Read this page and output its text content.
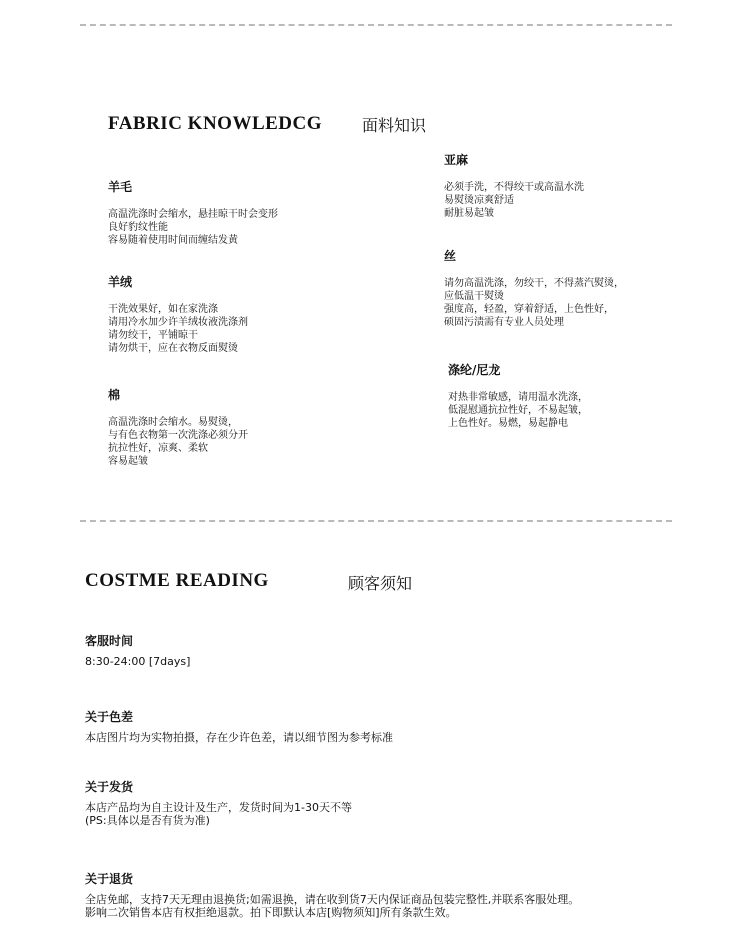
FABRIC KNOWLEDCG 面料知识
羊毛
高温洗涤时会缩水，悬挂晾干时会变形
良好豹纹性能
容易随着使用时间而缠结发黄
羊绒
干洗效果好，如在家洗涤
请用冷水加少许羊绒妆液洗涤剂
请勿绞干，平铺晾干
请勿烘干，应在衣物反面熨烫
棉
高温洗涤时会缩水。易熨烫，
与有色衣物第一次洗涤必须分开
抗拉性好，凉爽、柔软
容易起皱
亚麻
必须手洗，不得绞干或高温水洗
易熨烫凉爽舒适
耐脏易起皱
丝
请勿高温洗涤，勿绞干，不得蒸汽熨烫，
应低温干熨烫
强度高，轻盈，穿着舒适，上色性好，
硕固污渍需有专业人员处理
涤纶/尼龙
对热非常敏感，请用温水洗涤，
低混慰通抗拉性好，不易起皱，
上色性好。易燃，易起静电
COSTME READING	顾客须知
客服时间
8:30-24:00 [7days]
关于色差
本店图片均为实物拍摄，存在少许色差，请以细节图为参考标准
关于发货
本店产品均为自主设计及生产，发货时间为1-30天不等
(PS:具体以是否有货为准)
关于退货
全店免邮，支持7天无理由退换货;如需退换，请在收到货7天内保证商品包装完整性,并联系客服处理。
影响二次销售本店有权拒绝退款。拍下即默认本店[购物须知]所有条款生效。
